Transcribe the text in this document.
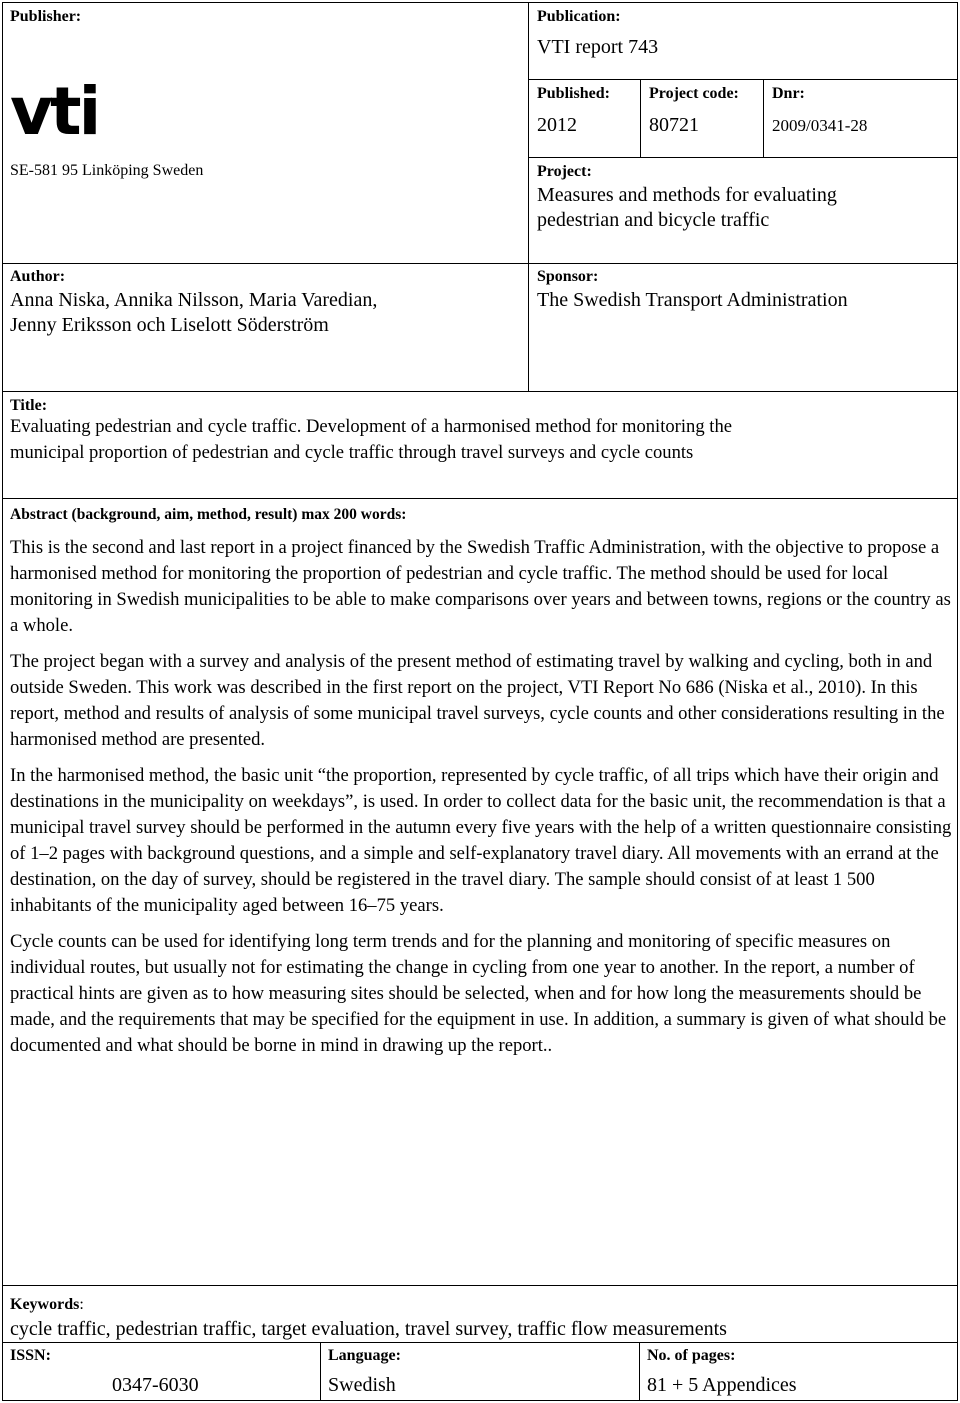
Publisher:
vti
SE-581 95 Linköping Sweden
Publication:
VTI report 743
Published:
2012
Project code:
80721
Dnr:
2009/0341-28
Project:
Measures and methods for evaluating
pedestrian and bicycle traffic
Author:
Anna Niska, Annika Nilsson, Maria Varedian,
Jenny Eriksson och Liselott Söderström
Sponsor:
The Swedish Transport Administration
Title:
Evaluating pedestrian and cycle traffic. Development of a harmonised method for monitoring the
municipal proportion of pedestrian and cycle traffic through travel surveys and cycle counts
Abstract (background, aim, method, result) max 200 words:

This is the second and last report in a project financed by the Swedish Traffic Administration, with the objective to propose a harmonised method for monitoring the proportion of pedestrian and cycle traffic. The method should be used for local monitoring in Swedish municipalities to be able to make comparisons over years and between towns, regions or the country as a whole.

The project began with a survey and analysis of the present method of estimating travel by walking and cycling, both in and outside Sweden. This work was described in the first report on the project, VTI Report No 686 (Niska et al., 2010). In this report, method and results of analysis of some municipal travel surveys, cycle counts and other considerations resulting in the harmonised method are presented.

In the harmonised method, the basic unit “the proportion, represented by cycle traffic, of all trips which have their origin and destinations in the municipality on weekdays”, is used. In order to collect data for the basic unit, the recommendation is that a municipal travel survey should be performed in the autumn every five years with the help of a written questionnaire consisting of 1–2 pages with background questions, and a simple and self-explanatory travel diary. All movements with an errand at the destination, on the day of survey, should be registered in the travel diary. The sample should consist of at least 1 500 inhabitants of the municipality aged between 16–75 years.

Cycle counts can be used for identifying long term trends and for the planning and monitoring of specific measures on individual routes, but usually not for estimating the change in cycling from one year to another. In the report, a number of practical hints are given as to how measuring sites should be selected, when and for how long the measurements should be made, and the requirements that may be specified for the equipment in use. In addition, a summary is given of what should be documented and what should be borne in mind in drawing up the report..

Keywords:
cycle traffic, pedestrian traffic, target evaluation, travel survey, traffic flow measurements
ISSN:
0347-6030
Language:
Swedish
No. of pages:
81 + 5 Appendices
